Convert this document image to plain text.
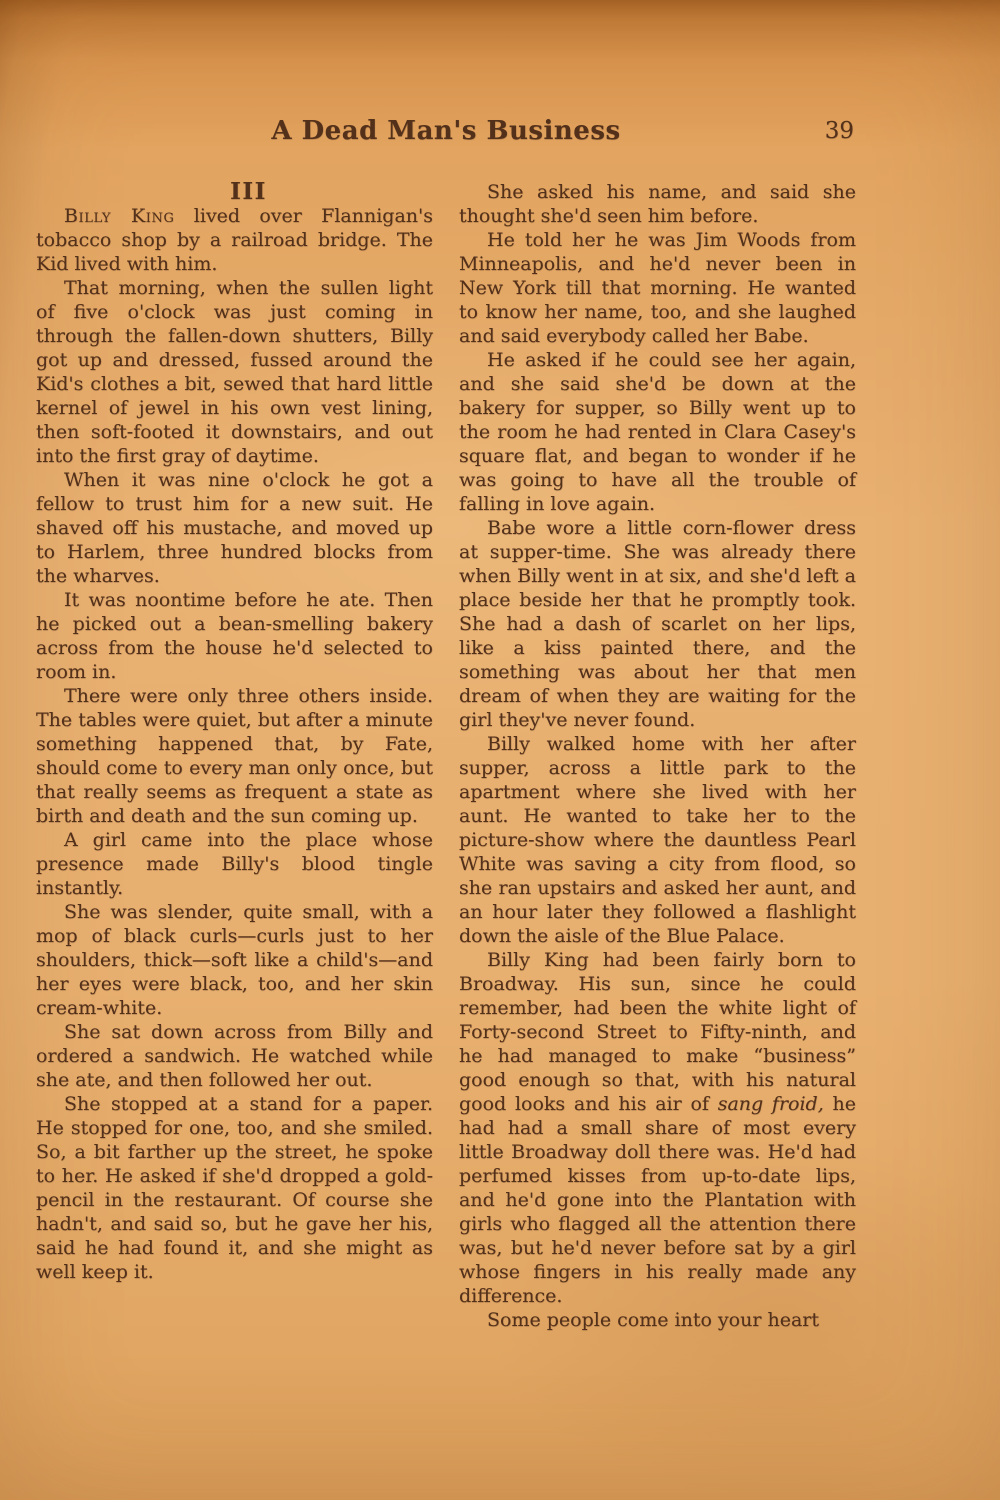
A Dead Man's Business	39

III

Billy King lived over Flannigan's tobacco shop by a railroad bridge. The Kid lived with him.

That morning, when the sullen light of five o'clock was just coming in through the fallen-down shutters, Billy got up and dressed, fussed around the Kid's clothes a bit, sewed that hard little kernel of jewel in his own vest lining, then soft-footed it downstairs, and out into the first gray of daytime.

When it was nine o'clock he got a fellow to trust him for a new suit. He shaved off his mustache, and moved up to Harlem, three hundred blocks from the wharves.

It was noontime before he ate. Then he picked out a bean-smelling bakery across from the house he'd selected to room in.

There were only three others inside. The tables were quiet, but after a minute something happened that, by Fate, should come to every man only once, but that really seems as frequent a state as birth and death and the sun coming up.

A girl came into the place whose presence made Billy's blood tingle instantly.

She was slender, quite small, with a mop of black curls—curls just to her shoulders, thick—soft like a child's—and her eyes were black, too, and her skin cream-white.

She sat down across from Billy and ordered a sandwich. He watched while she ate, and then followed her out.

She stopped at a stand for a paper. He stopped for one, too, and she smiled. So, a bit farther up the street, he spoke to her. He asked if she'd dropped a gold-pencil in the restaurant. Of course she hadn't, and said so, but he gave her his, said he had found it, and she might as well keep it.

She asked his name, and said she thought she'd seen him before.

He told her he was Jim Woods from Minneapolis, and he'd never been in New York till that morning. He wanted to know her name, too, and she laughed and said everybody called her Babe.

He asked if he could see her again, and she said she'd be down at the bakery for supper, so Billy went up to the room he had rented in Clara Casey's square flat, and began to wonder if he was going to have all the trouble of falling in love again.

Babe wore a little corn-flower dress at supper-time. She was already there when Billy went in at six, and she'd left a place beside her that he promptly took. She had a dash of scarlet on her lips, like a kiss painted there, and the something was about her that men dream of when they are waiting for the girl they've never found.

Billy walked home with her after supper, across a little park to the apartment where she lived with her aunt. He wanted to take her to the picture-show where the dauntless Pearl White was saving a city from flood, so she ran upstairs and asked her aunt, and an hour later they followed a flashlight down the aisle of the Blue Palace.

Billy King had been fairly born to Broadway. His sun, since he could remember, had been the white light of Forty-second Street to Fifty-ninth, and he had managed to make “business” good enough so that, with his natural good looks and his air of sang froid, he had had a small share of most every little Broadway doll there was. He'd had perfumed kisses from up-to-date lips, and he'd gone into the Plantation with girls who flagged all the attention there was, but he'd never before sat by a girl whose fingers in his really made any difference.

Some people come into your heart
